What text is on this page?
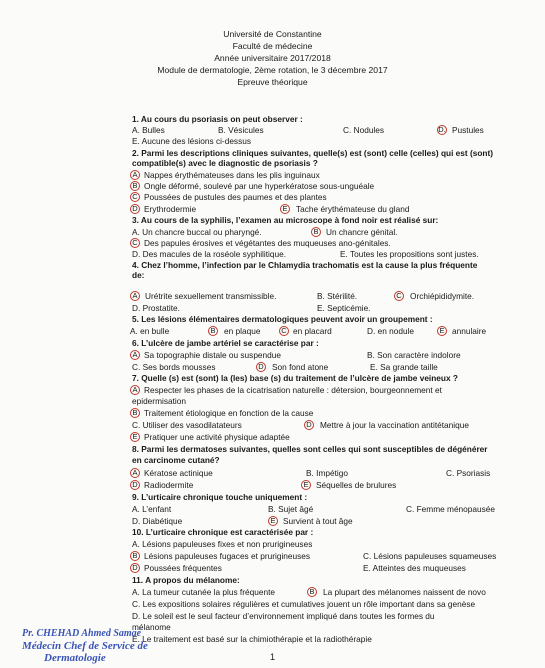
Université de Constantine
Faculté de médecine
Année universitaire 2017/2018
Module de dermatologie, 2ème rotation, le 3 décembre 2017
Epreuve théorique
1. Au cours du psoriasis on peut observer :
A. Bulles	B. Vésicules	C. Nodules	D. Pustules
E. Aucune des lésions ci-dessus
2. Parmi les descriptions cliniques suivantes, quelle(s) est (sont) celle (celles) qui est (sont)
compatible(s) avec le diagnostic de psoriasis ?
A Nappes érythémateuses dans les plis inguinaux
B Ongle déformé, soulevé par une hyperkératose sous-unguéale
C Poussées de pustules des paumes et des plantes
D Erythrodermie	E	Tache érythémateuse du gland
3. Au cours de la syphilis, l’examen au microscope à fond noir est réalisé sur:
A. Un chancre buccal ou pharyngé.	B Un chancre génital.
C Des papules érosives et végétantes des muqueuses ano-génitales.
D. Des macules de la roséole syphilitique.	E. Toutes les propositions sont justes.
4. Chez l’homme, l’infection par le Chlamydia trachomatis est la cause la plus fréquente
de:
A Urétrite sexuellement transmissible.	B. Stérilité.	C Orchiépididymite.
D. Prostatite.	E. Septicémie.
5. Les lésions élémentaires dermatologiques peuvent avoir un groupement :
A. en bulle	B	en plaque	C en placard	D. en nodule	E annulaire
6. L’ulcère de jambe artériel se caractérise par :
A Sa topographie distale ou suspendue	B. Son caractère indolore
C. Ses bords mousses	D Son fond atone	E. Sa grande taille
7. Quelle (s) est (sont) la (les) base (s) du traitement de l’ulcère de jambe veineux ?
A Respecter les phases de la cicatrisation naturelle : détersion, bourgeonnement et
epidermisation
B Traitement étiologique en fonction de la cause
C. Utiliser des vasodilatateurs	D Mettre à jour la vaccination antitétanique
E Pratiquer une activité physique adaptée
8. Parmi les dermatoses suivantes, quelles sont celles qui sont susceptibles de dégénérer
en carcinome cutané?
A Kératose actinique	B. Impétigo	C. Psoriasis
D Radiodermite	E Séquelles de brulures
9. L’urticaire chronique touche uniquement :
A. L’enfant	B. Sujet âgé	C. Femme ménopausée
D. Diabétique	E Survient à tout âge
10. L’urticaire chronique est caractérisée par :
A. Lésions papuleuses fixes et non prurigineuses
B Lésions papuleuses fugaces et prurigineuses	C. Lésions papuleuses squameuses
D Poussées fréquentes	E. Atteintes des muqueuses
11. A propos du mélanome:
A. La tumeur cutanée la plus fréquente	B	La plupart des mélanomes naissent de novo
C. Les expositions solaires régulières et cumulatives jouent un rôle important dans sa genèse
D. Le soleil est le seul facteur d’environnement impliqué dans toutes les formes du
mélanome
E. Le traitement est basé sur la chimiothérapie et la radiothérapie
Pr. CHEHAD Ahmed Samaé
Médecin Chef de Service de
Dermatologie	1
